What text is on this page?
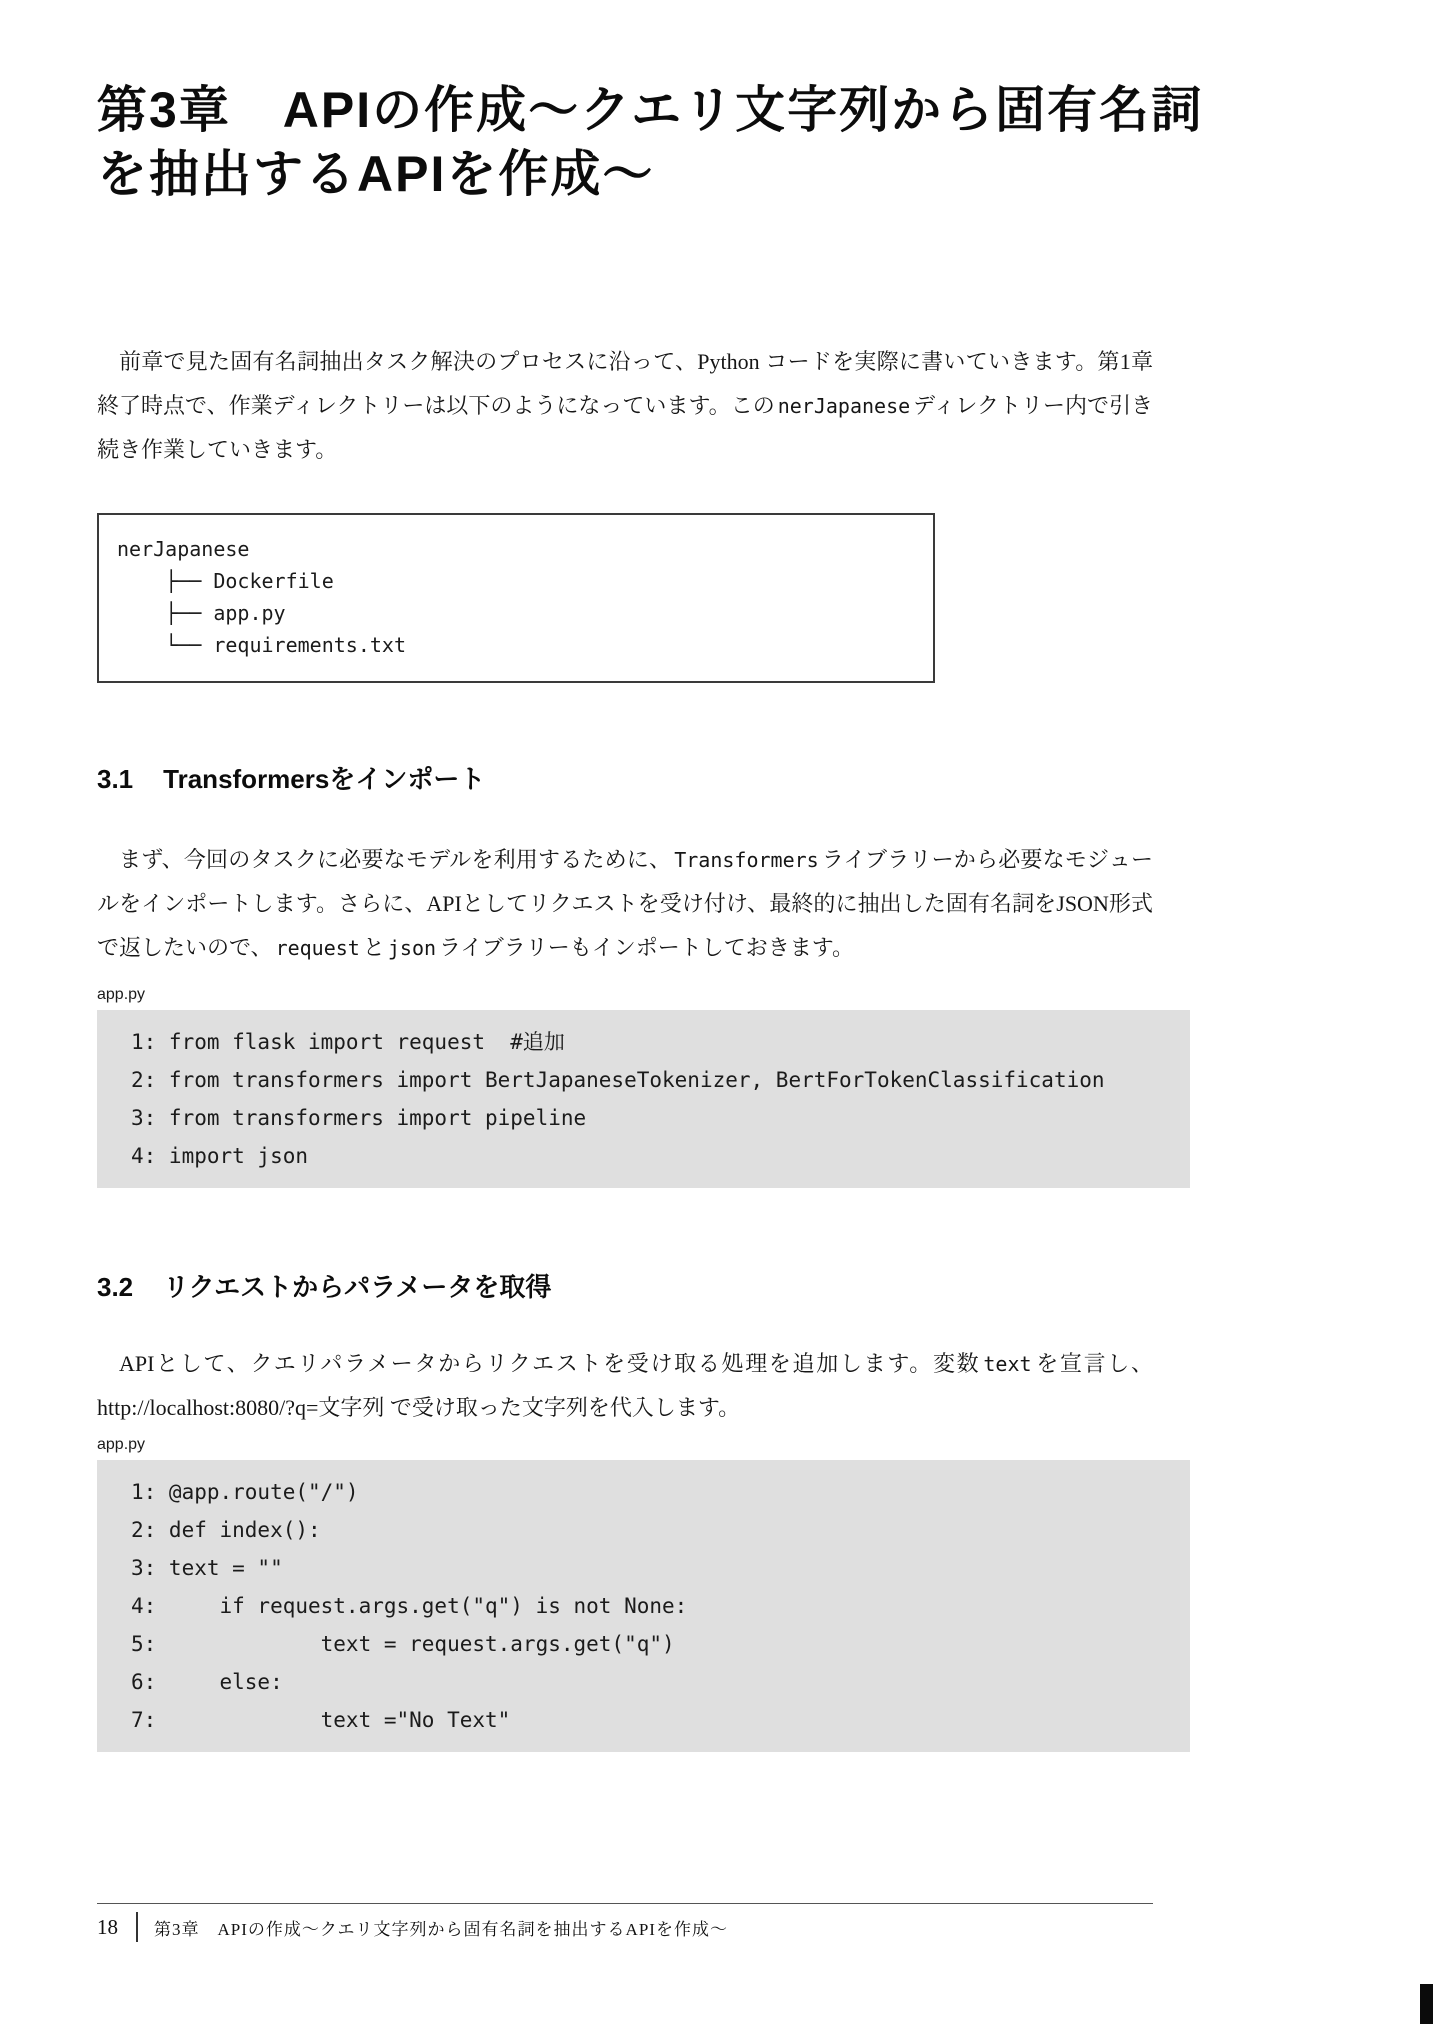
第3章　APIの作成〜クエリ文字列から固有名詞
を抽出するAPIを作成〜

前章で見た固有名詞抽出タスク解決のプロセスに沿って、Python コードを実際に書いていきます。第1章終了時点で、作業ディレクトリーは以下のようになっています。この nerJapanese ディレクトリー内で引き続き作業していきます。

nerJapanese
├── Dockerfile
├── app.py
└── requirements.txt
3.1 Transformersをインポート

まず、今回のタスクに必要なモデルを利用するために、 Transformers ライブラリーから必要なモジュールをインポートします。さらに、APIとしてリクエストを受け付け、最終的に抽出した固有名詞をJSON形式で返したいので、 request と json ライブラリーもインポートしておきます。

app.py
1: from flask import request  #追加
2: from transformers import BertJapaneseTokenizer, BertForTokenClassification
3: from transformers import pipeline
4: import json
3.2 リクエストからパラメータを取得

APIとして、クエリパラメータからリクエストを受け取る処理を追加します。変数 text を宣言し、http://localhost:8080/?q=文字列 で受け取った文字列を代入します。

app.py
1: @app.route("/")
2: def index():
3: text = ""
4:     if request.args.get("q") is not None:
5:             text = request.args.get("q")
6:     else:
7:             text ="No Text"
18 第3章　APIの作成〜クエリ文字列から固有名詞を抽出するAPIを作成〜
